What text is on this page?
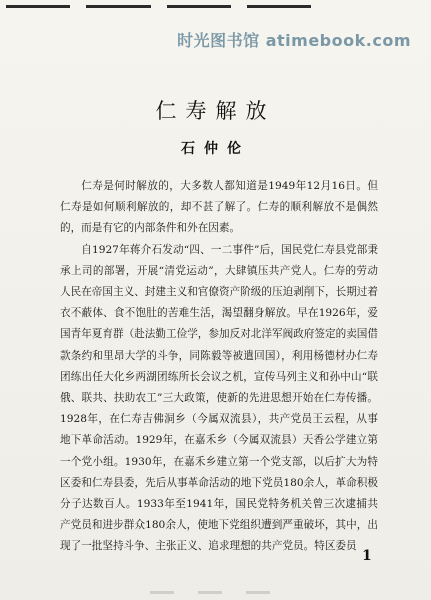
时光图书馆 atimebook.com
仁寿解放
石仲伦

仁寿是何时解放的，大多数人都知道是1949年12月16日。但仁寿是如何顺利解放的，却不甚了解了。仁寿的顺利解放不是偶然的，而是有它的内部条件和外在因素。

自1927年蒋介石发动“四、一二事件”后，国民党仁寿县党部秉承上司的部署，开展“清党运动”，大肆镇压共产党人。仁寿的劳动人民在帝国主义、封建主义和官僚资产阶级的压迫剥削下，长期过着衣不蔽体、食不饱肚的苦难生活，渴望翻身解放。早在1926年，爱国青年夏育群（赴法勤工俭学，参加反对北洋军阀政府签定的卖国借款条约和里昂大学的斗争，同陈毅等被遣回国），利用杨德材办仁寿团练出任大化乡两湖团练所长会议之机，宣传马列主义和孙中山“联俄、联共、扶助农工”三大政策，使新的先进思想开始在仁寿传播。1928年，在仁寿吉佛洞乡（今属双流县），共产党员王云程，从事地下革命活动。1929年，在嘉禾乡（今属双流县）天香公学建立第一个党小组。1930年，在嘉禾乡建立第一个党支部，以后扩大为特区委和仁寿县委，先后从事革命活动的地下党员180余人，革命积极分子达数百人。1933年至1941年，国民党特务机关曾三次逮捕共产党员和进步群众180余人，使地下党组织遭到严重破坏，其中，出现了一批坚持斗争、主张正义、追求理想的共产党员。特区委员

1
